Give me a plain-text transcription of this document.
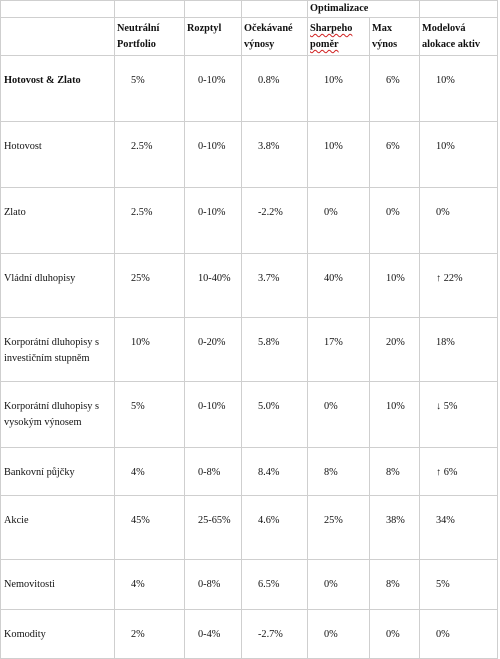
				Optimalizace		

	Neutrální Portfolio	Rozptyl	Očekávané výnosy	Sharpeho poměr	Max výnos	Modelová alokace aktiv

Hotovost & Zlato	5%	0-10%	0.8%	10%	6%	10%

Hotovost	2.5%	0-10%	3.8%	10%	6%	10%

Zlato	2.5%	0-10%	-2.2%	0%	0%	0%

Vládní dluhopisy	25%	10-40%	3.7%	40%	10%	↑ 22%

Korporátní dluhopisy s investičním stupněm	10%	0-20%	5.8%	17%	20%	18%

Korporátní dluhopisy s vysokým výnosem	5%	0-10%	5.0%	0%	10%	↓ 5%

Bankovní půjčky	4%	0-8%	8.4%	8%	8%	↑ 6%

Akcie	45%	25-65%	4.6%	25%	38%	34%

Nemovitosti	4%	0-8%	6.5%	0%	8%	5%

Komodity	2%	0-4%	-2.7%	0%	0%	0%
